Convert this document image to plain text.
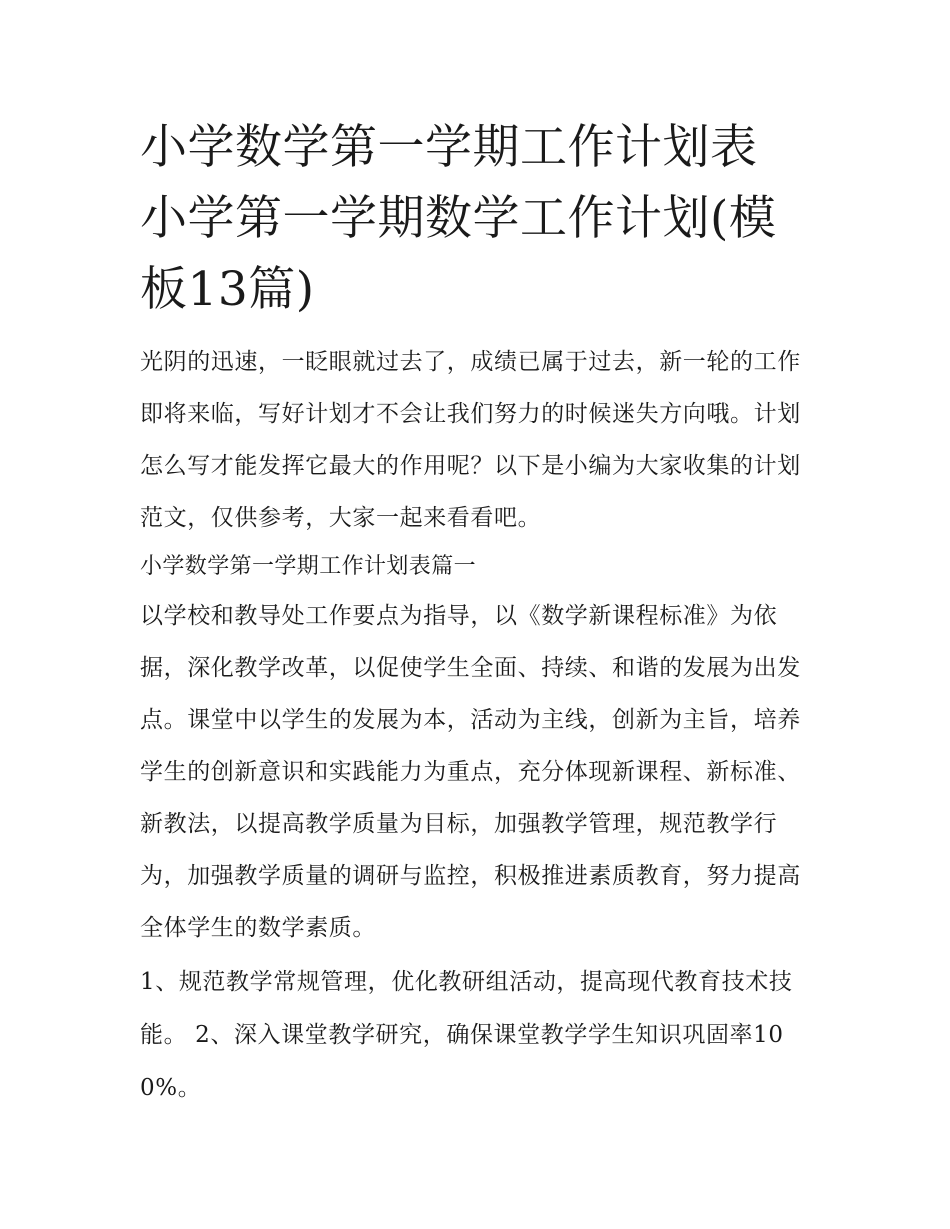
小学数学第一学期工作计划表 小学第一学期数学工作计划(模板13篇)

光阴的迅速，一眨眼就过去了，成绩已属于过去，新一轮的工作即将来临，写好计划才不会让我们努力的时候迷失方向哦。计划怎么写才能发挥它最大的作用呢？以下是小编为大家收集的计划范文，仅供参考，大家一起来看看吧。

小学数学第一学期工作计划表篇一

以学校和教导处工作要点为指导，以《数学新课程标准》为依据，深化教学改革，以促使学生全面、持续、和谐的发展为出发点。课堂中以学生的发展为本，活动为主线，创新为主旨，培养学生的创新意识和实践能力为重点，充分体现新课程、新标准、新教法，以提高教学质量为目标，加强教学管理，规范教学行为，加强教学质量的调研与监控，积极推进素质教育，努力提高全体学生的数学素质。

1、规范教学常规管理，优化教研组活动，提高现代教育技术技能。 2、深入课堂教学研究，确保课堂教学学生知识巩固率100%。
